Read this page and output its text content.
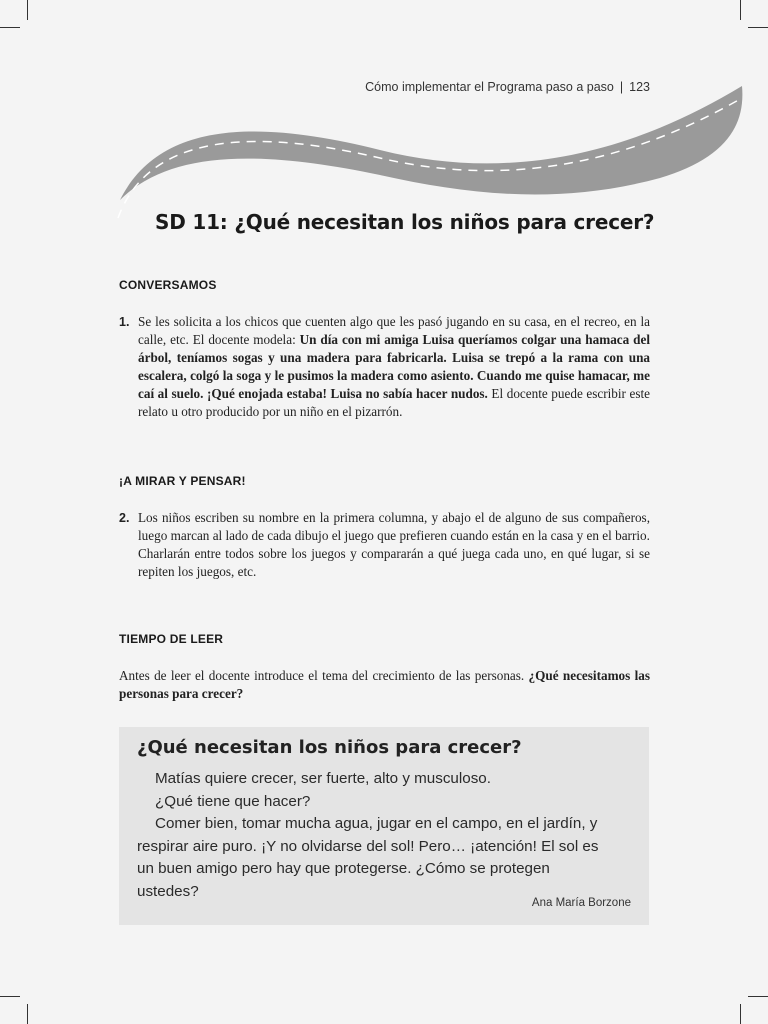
Cómo implementar el Programa paso a paso | 123
SD 11: ¿Qué necesitan los niños para crecer?
CONVERSAMOS
1. Se les solicita a los chicos que cuenten algo que les pasó jugando en su casa, en el recreo, en la calle, etc. El docente modela: Un día con mi amiga Luisa queríamos colgar una hamaca del árbol, teníamos sogas y una madera para fabricarla. Luisa se trepó a la rama con una escalera, colgó la soga y le pusimos la madera como asiento. Cuando me quise hamacar, me caí al suelo. ¡Qué enojada estaba! Luisa no sabía hacer nudos. El docente puede escribir este relato u otro producido por un niño en el pizarrón.

¡A MIRAR Y PENSAR!
2. Los niños escriben su nombre en la primera columna, y abajo el de alguno de sus compañeros, luego marcan al lado de cada dibujo el juego que prefieren cuando están en la casa y en el barrio.

Charlarán entre todos sobre los juegos y compararán a qué juega cada uno, en qué lugar, si se repiten los juegos, etc.

TIEMPO DE LEER

Antes de leer el docente introduce el tema del crecimiento de las personas. ¿Qué necesitamos las personas para crecer?

¿Qué necesitan los niños para crecer?
Matías quiere crecer, ser fuerte, alto y musculoso.
¿Qué tiene que hacer?
Comer bien, tomar mucha agua, jugar en el campo, en el jardín, y respirar aire puro. ¡Y no olvidarse del sol! Pero… ¡atención! El sol es un buen amigo pero hay que protegerse. ¿Cómo se protegen ustedes?

Ana María Borzone
